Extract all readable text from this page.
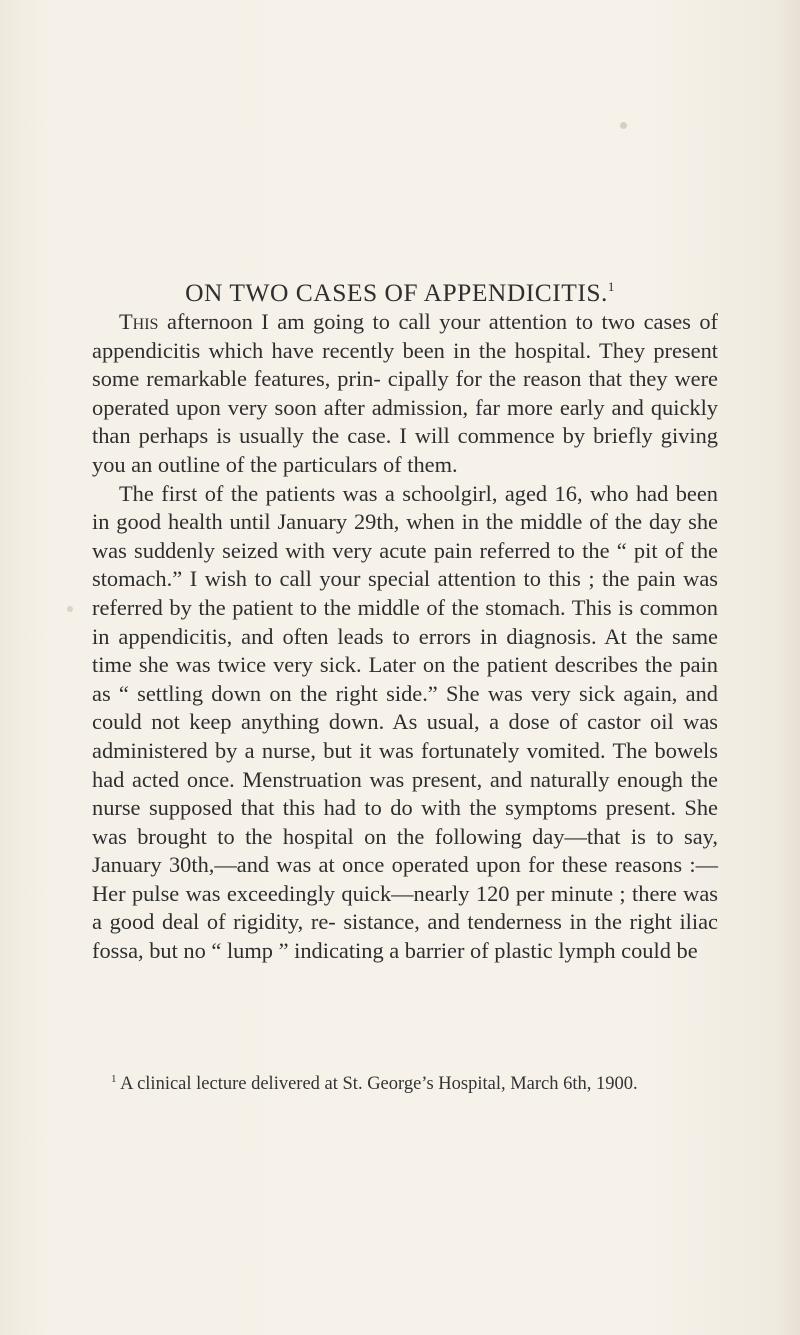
ON TWO CASES OF APPENDICITIS.$^1$

This afternoon I am going to call your attention to two cases of appendicitis which have recently been in the hospital. They present some remarkable features, prin- cipally for the reason that they were operated upon very soon after admission, far more early and quickly than perhaps is usually the case. I will commence by briefly giving you an outline of the particulars of them.

The first of the patients was a schoolgirl, aged 16, who had been in good health until January 29th, when in the middle of the day she was suddenly seized with very acute pain referred to the “ pit of the stomach.” I wish to call your special attention to this ; the pain was referred by the patient to the middle of the stomach. This is common in appendicitis, and often leads to errors in diagnosis. At the same time she was twice very sick. Later on the patient describes the pain as “ settling down on the right side.” She was very sick again, and could not keep anything down. As usual, a dose of castor oil was administered by a nurse, but it was fortunately vomited. The bowels had acted once. Menstruation was present, and naturally enough the nurse supposed that this had to do with the symptoms present. She was brought to the hospital on the following day—that is to say, January 30th,—and was at once operated upon for these reasons :—Her pulse was exceedingly quick—nearly 120 per minute ; there was a good deal of rigidity, re- sistance, and tenderness in the right iliac fossa, but no “ lump ” indicating a barrier of plastic lymph could be

$^1$ A clinical lecture delivered at St. George’s Hospital, March 6th, 1900.
